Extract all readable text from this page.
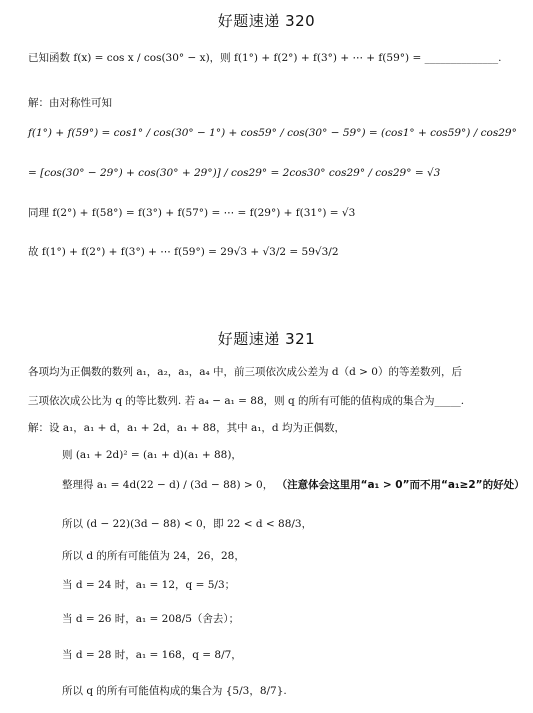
好题速递 320
已知函数 f(x) = cos x / cos(30° − x)，则 f(1°) + f(2°) + f(3°) + ⋯ + f(59°) = ______________.
解：由对称性可知
f(1°) + f(59°) = cos1° / cos(30° − 1°) + cos59° / cos(30° − 59°) = (cos1° + cos59°) / cos29°
= [cos(30° − 29°) + cos(30° + 29°)] / cos29° = 2cos30° cos29° / cos29° = √3
同理 f(2°) + f(58°) = f(3°) + f(57°) = ⋯ = f(29°) + f(31°) = √3
故 f(1°) + f(2°) + f(3°) + ⋯ f(59°) = 29√3 + √3/2 = 59√3/2
好题速递 321
各项均为正偶数的数列 a₁，a₂，a₃，a₄ 中，前三项依次成公差为 d（d > 0）的等差数列，后
三项依次成公比为 q 的等比数列. 若 a₄ − a₁ = 88，则 q 的所有可能的值构成的集合为_____.
解：设 a₁，a₁ + d，a₁ + 2d，a₁ + 88，其中 a₁，d 均为正偶数，
则 (a₁ + 2d)² = (a₁ + d)(a₁ + 88)，
整理得 a₁ = 4d(22 − d) / (3d − 88) > 0， （注意体会这里用“a₁ > 0”而不用“a₁≥2”的好处）
所以 (d − 22)(3d − 88) < 0，即 22 < d < 88/3，
所以 d 的所有可能值为 24，26，28，
当 d = 24 时，a₁ = 12，q = 5/3；
当 d = 26 时，a₁ = 208/5（舍去）；
当 d = 28 时，a₁ = 168，q = 8/7，
所以 q 的所有可能值构成的集合为 {5/3，8/7}.
